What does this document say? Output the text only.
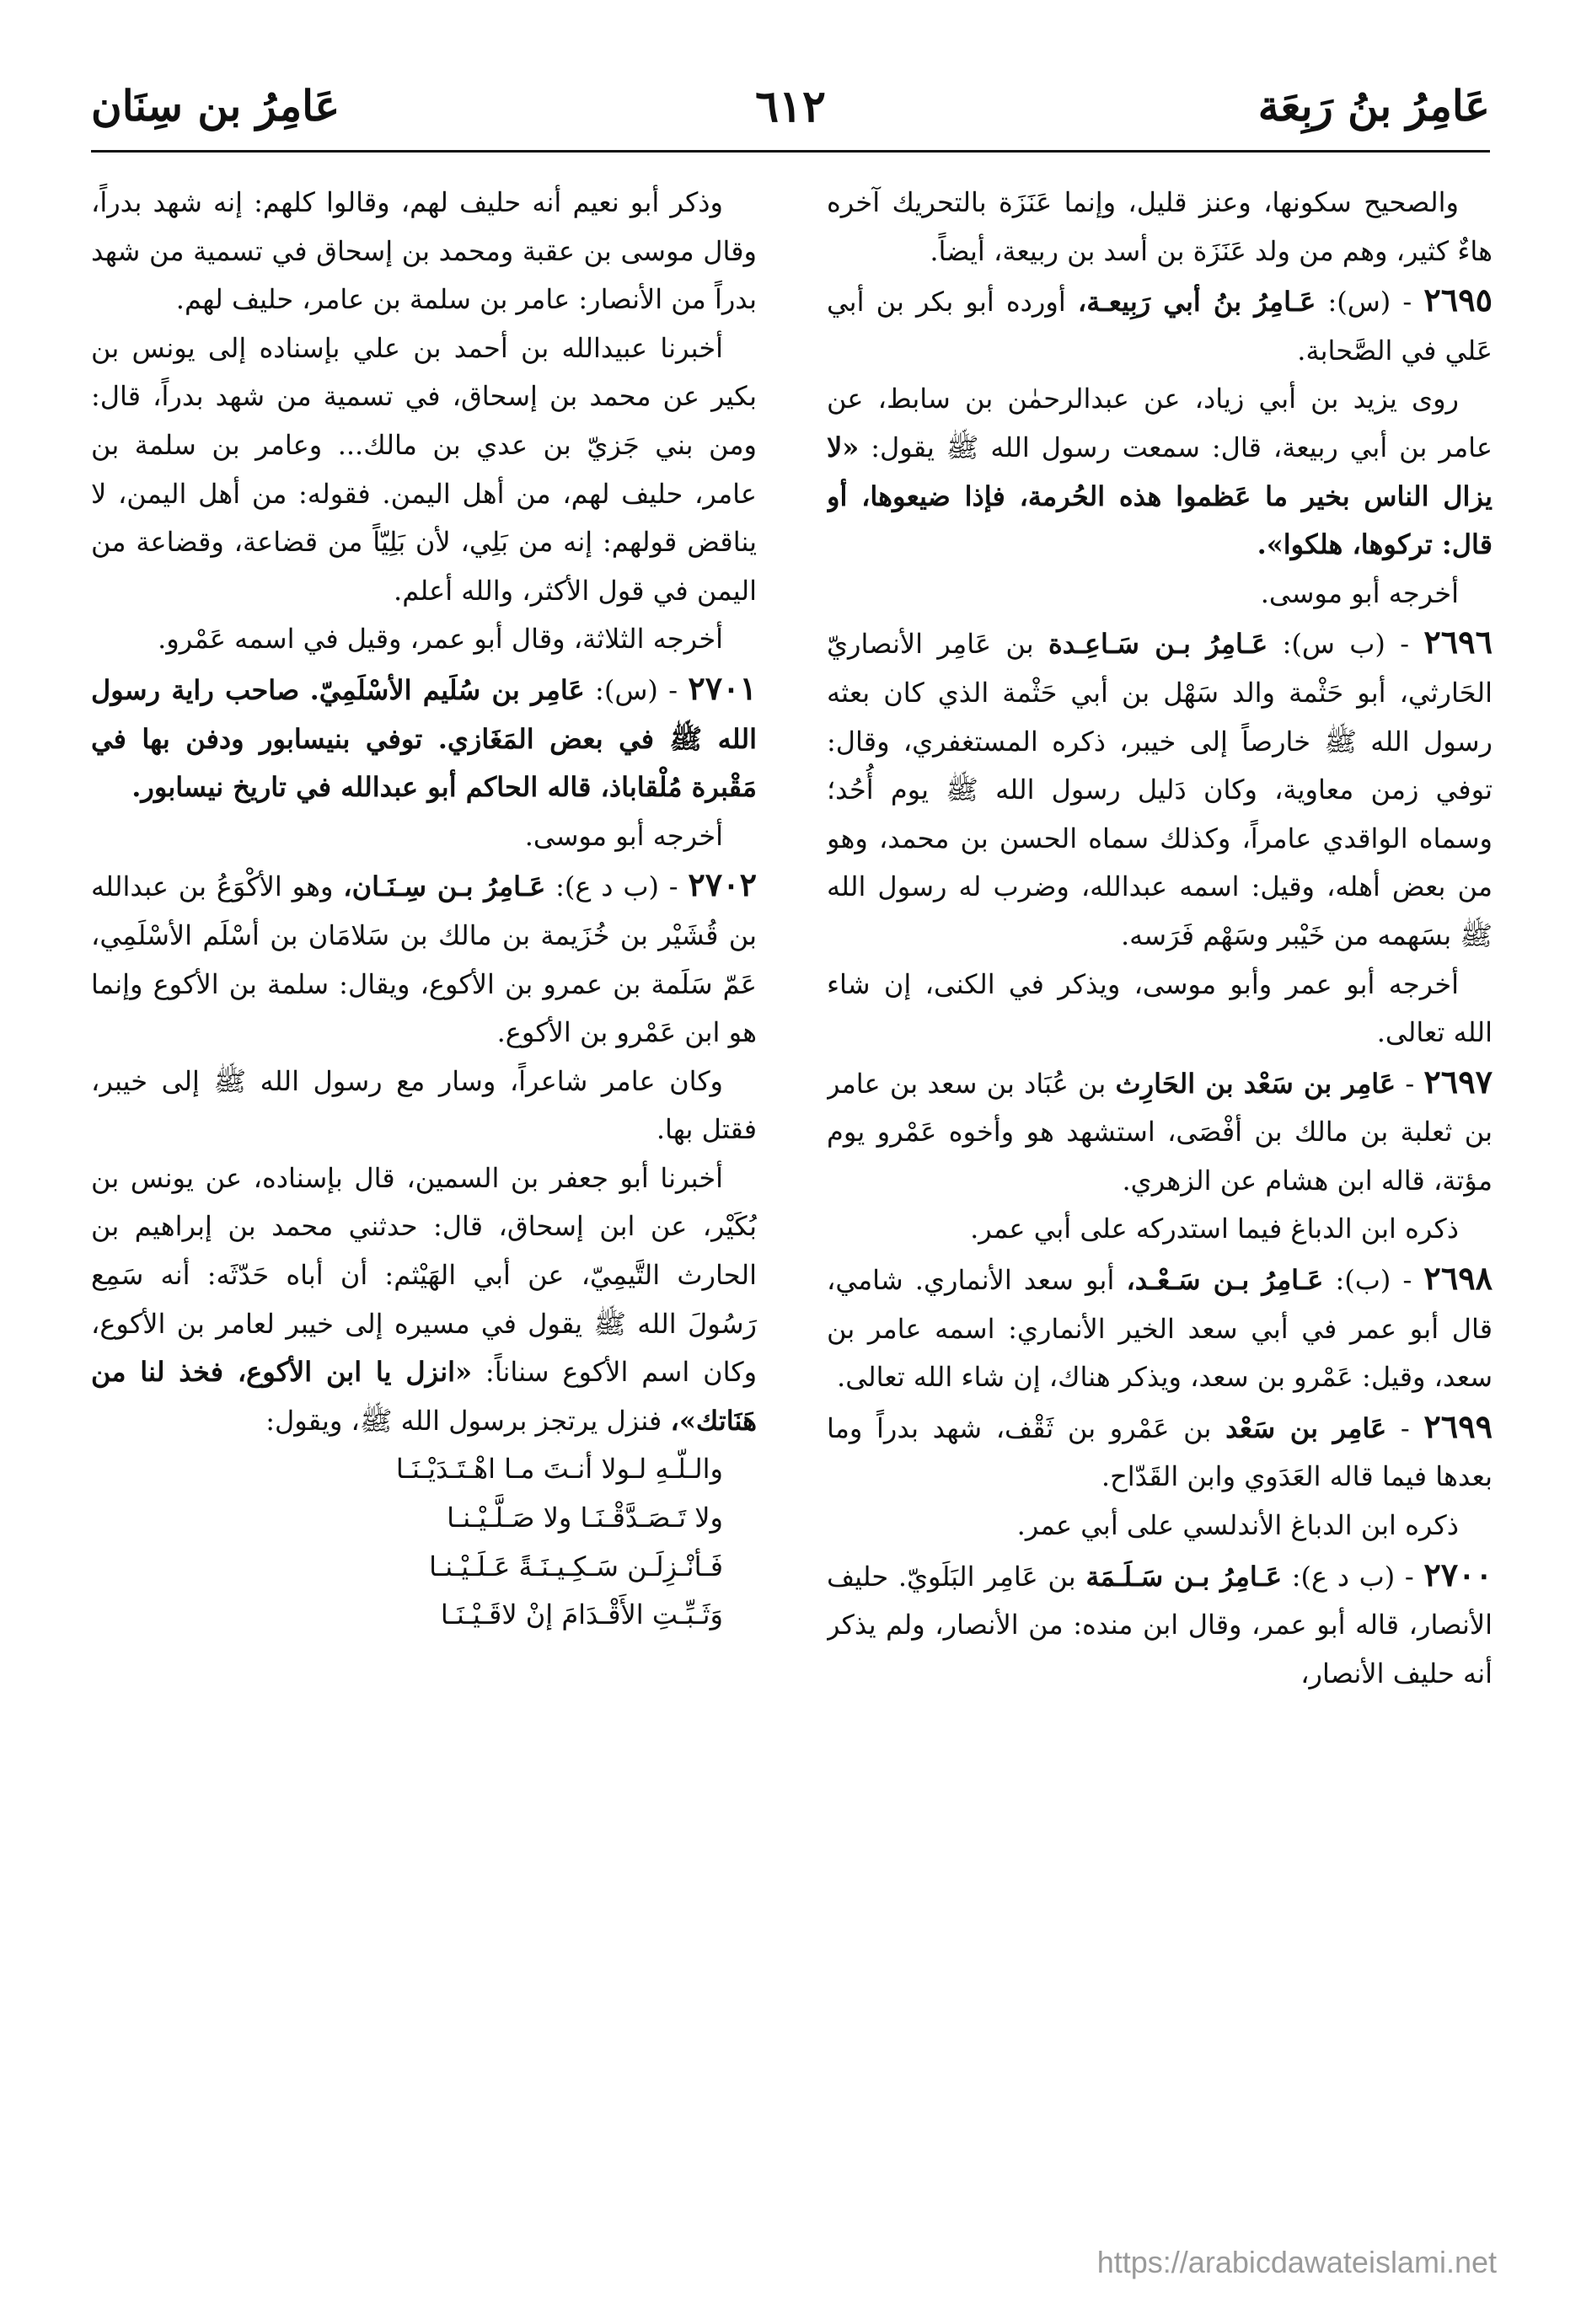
عَامِرُ بنُ رَبِعَة
٦١٢
عَامِرُ بن سِنَان

والصحيح سكونها، وعنز قليل، وإنما عَنَزَة بالتحريك آخره هاءٌ كثير، وهم من ولد عَنَزَة بن أسد بن ربيعة، أيضاً.

٢٦٩٥ - (س): عَـامِرُ بنُ أبي رَبِيعـة، أورده أبو بكر بن أبي عَلي في الصَّحابة.

روى يزيد بن أبي زياد، عن عبدالرحمٰن بن سابط، عن عامر بن أبي ربيعة، قال: سمعت رسول الله ﷺ يقول: «لا يزال الناس بخير ما عَظموا هذه الحُرمة، فإذا ضيعوها، أو قال: تركوها، هلكوا».

أخرجه أبو موسى.

٢٦٩٦ - (ب س): عَـامِرُ بـن سَـاعِـدة بن عَامِر الأنصاريّ الحَارثي، أبو حَثْمة والد سَهْل بن أبي حَثْمة الذي كان بعثه رسول الله ﷺ خارصاً إلى خيبر، ذكره المستغفري، وقال: توفي زمن معاوية، وكان دَليل رسول الله ﷺ يوم أُحُد؛ وسماه الواقدي عامراً، وكذلك سماه الحسن بن محمد، وهو من بعض أهله، وقيل: اسمه عبدالله، وضرب له رسول الله ﷺ بسَهمه من خَيْبر وسَهْم فَرَسه.

أخرجه أبو عمر وأبو موسى، ويذكر في الكنى، إن شاء الله تعالى.

٢٦٩٧ - عَامِر بن سَعْد بن الحَارِث بن عُبَاد بن سعد بن عامر بن ثعلبة بن مالك بن أفْصَى، استشهد هو وأخوه عَمْرو يوم مؤتة، قاله ابن هشام عن الزهري.

ذكره ابن الدباغ فيما استدركه على أبي عمر.

٢٦٩٨ - (ب): عَـامِرُ بـن سَـعْـد، أبو سعد الأنماري. شامي، قال أبو عمر في أبي سعد الخير الأنماري: اسمه عامر بن سعد، وقيل: عَمْرو بن سعد، ويذكر هناك، إن شاء الله تعالى.

٢٦٩٩ - عَامِر بن سَعْد بن عَمْرو بن ثَقْف، شهد بدراً وما بعدها فيما قاله العَدَوي وابن القَدّاح.

ذكره ابن الدباغ الأندلسي على أبي عمر.

٢٧٠٠ - (ب د ع): عَـامِرُ بـن سَـلَـمَة بن عَامِر البَلَويّ. حليف الأنصار، قاله أبو عمر، وقال ابن منده: من الأنصار، ولم يذكر أنه حليف الأنصار،

وذكر أبو نعيم أنه حليف لهم، وقالوا كلهم: إنه شهد بدراً، وقال موسى بن عقبة ومحمد بن إسحاق في تسمية من شهد بدراً من الأنصار: عامر بن سلمة بن عامر، حليف لهم.

أخبرنا عبيدالله بن أحمد بن علي بإسناده إلى يونس بن بكير عن محمد بن إسحاق، في تسمية من شهد بدراً، قال: ومن بني جَزيّ بن عدي بن مالك... وعامر بن سلمة بن عامر، حليف لهم، من أهل اليمن. فقوله: من أهل اليمن، لا يناقض قولهم: إنه من بَلِي، لأن بَلِيّاً من قضاعة، وقضاعة من اليمن في قول الأكثر، والله أعلم.

أخرجه الثلاثة، وقال أبو عمر، وقيل في اسمه عَمْرو.

٢٧٠١ - (س): عَامِر بن سُلَيم الأسْلَمِيّ. صاحب راية رسول الله ﷺ في بعض المَغَازي. توفي بنيسابور ودفن بها في مَقْبرة مُلْقاباذ، قاله الحاكم أبو عبدالله في تاريخ نيسابور.

أخرجه أبو موسى.

٢٧٠٢ - (ب د ع): عَـامِرُ بـن سِـنَـان، وهو الأكْوَعُ بن عبدالله بن قُشَيْر بن خُزَيمة بن مالك بن سَلامَان بن أسْلَم الأسْلَمِي، عَمّ سَلَمة بن عمرو بن الأكوع، ويقال: سلمة بن الأكوع وإنما هو ابن عَمْرو بن الأكوع.

وكان عامر شاعراً، وسار مع رسول الله ﷺ إلى خيبر، فقتل بها.

أخبرنا أبو جعفر بن السمين، قال بإسناده، عن يونس بن بُكَيْر، عن ابن إسحاق، قال: حدثني محمد بن إبراهيم بن الحارث التَّيمِيّ، عن أبي الهَيْثم: أن أباه حَدّثَه: أنه سَمِع رَسُولَ الله ﷺ يقول في مسيره إلى خيبر لعامر بن الأكوع، وكان اسم الأكوع سناناً: «انزل يا ابن الأكوع، فخذ لنا من هَنَاتك»، فنزل يرتجز برسول الله ﷺ، ويقول:

والـلّـهِ لـولا أنـتَ مـا اهْـتَـدَيْـنَـا
ولا تَـصَـدَّقْـنَـا ولا صَـلَّـيْـنـا
فَـأنْـزِلَـن سَـكِـيـنَـةً عَـلَـيْـنـا
وَثَـبِّـتِ الأَقْـدَامَ إنْ لاقَـيْـنَـا
https://arabicdawateislami.net
